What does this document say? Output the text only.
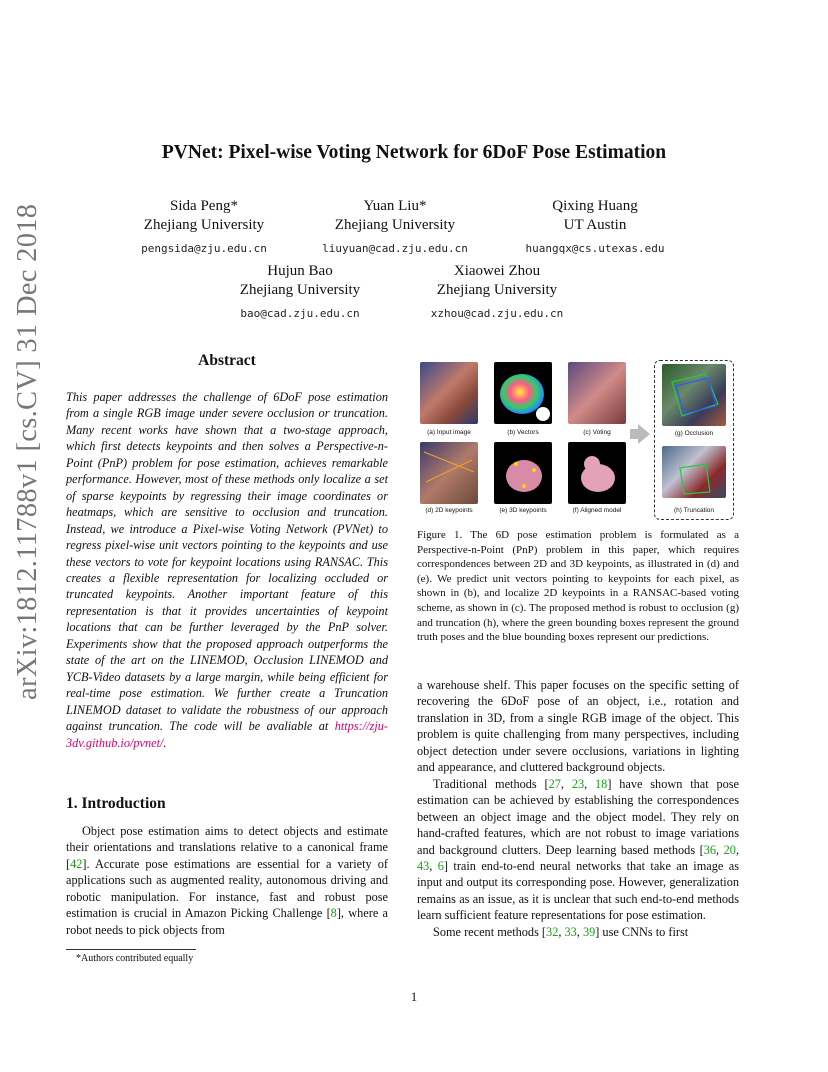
PVNet: Pixel-wise Voting Network for 6DoF Pose Estimation
Sida Peng*
Zhejiang University
pengsida@zju.edu.cn
Yuan Liu*
Zhejiang University
liuyuan@cad.zju.edu.cn
Qixing Huang
UT Austin
huangqx@cs.utexas.edu
Hujun Bao
Zhejiang University
bao@cad.zju.edu.cn
Xiaowei Zhou
Zhejiang University
xzhou@cad.zju.edu.cn
arXiv:1812.11788v1 [cs.CV] 31 Dec 2018	Abstract
This paper addresses the challenge of 6DoF pose estimation from a single RGB image under severe occlusion or truncation. Many recent works have shown that a two-stage approach, which first detects keypoints and then solves a Perspective-n-Point (PnP) problem for pose estimation, achieves remarkable performance. However, most of these methods only localize a set of sparse keypoints by regressing their image coordinates or heatmaps, which are sensitive to occlusion and truncation. Instead, we introduce a Pixel-wise Voting Network (PVNet) to regress pixel-wise unit vectors pointing to the keypoints and use these vectors to vote for keypoint locations using RANSAC. This creates a flexible representation for localizing occluded or truncated keypoints. Another important feature of this representation is that it provides uncertainties of keypoint locations that can be further leveraged by the PnP solver. Experiments show that the proposed approach outperforms the state of the art on the LINEMOD, Occlusion LINEMOD and YCB-Video datasets by a large margin, while being efficient for real-time pose estimation. We further create a Truncation LINEMOD dataset to validate the robustness of our approach against truncation. The code will be avaliable at https://zju-3dv.github.io/pvnet/.
1. Introduction
Object pose estimation aims to detect objects and estimate their orientations and translations relative to a canonical frame [42]. Accurate pose estimations are essential for a variety of applications such as augmented reality, autonomous driving and robotic manipulation. For instance, fast and robust pose estimation is crucial in Amazon Picking Challenge [8], where a robot needs to pick objects from
*Authors contributed equally
(a) Input image	(b) Vectors	(c) Voting	(g) Occlusion
(d) 2D keypoints	(e) 3D keypoints	(f) Aligned model	(h) Truncation
Figure 1. The 6D pose estimation problem is formulated as a Perspective-n-Point (PnP) problem in this paper, which requires correspondences between 2D and 3D keypoints, as illustrated in (d) and (e). We predict unit vectors pointing to keypoints for each pixel, as shown in (b), and localize 2D keypoints in a RANSAC-based voting scheme, as shown in (c). The proposed method is robust to occlusion (g) and truncation (h), where the green bounding boxes represent the ground truth poses and the blue bounding boxes represent our predictions.

a warehouse shelf. This paper focuses on the specific setting of recovering the 6DoF pose of an object, i.e., rotation and translation in 3D, from a single RGB image of the object. This problem is quite challenging from many perspectives, including object detection under severe occlusions, variations in lighting and appearance, and cluttered background objects.

Traditional methods [27, 23, 18] have shown that pose estimation can be achieved by establishing the correspondences between an object image and the object model. They rely on hand-crafted features, which are not robust to image variations and background clutters. Deep learning based methods [36, 20, 43, 6] train end-to-end neural networks that take an image as input and output its corresponding pose. However, generalization remains as an issue, as it is unclear that such end-to-end methods learn sufficient feature representations for pose estimation.

Some recent methods [32, 33, 39] use CNNs to first

1
